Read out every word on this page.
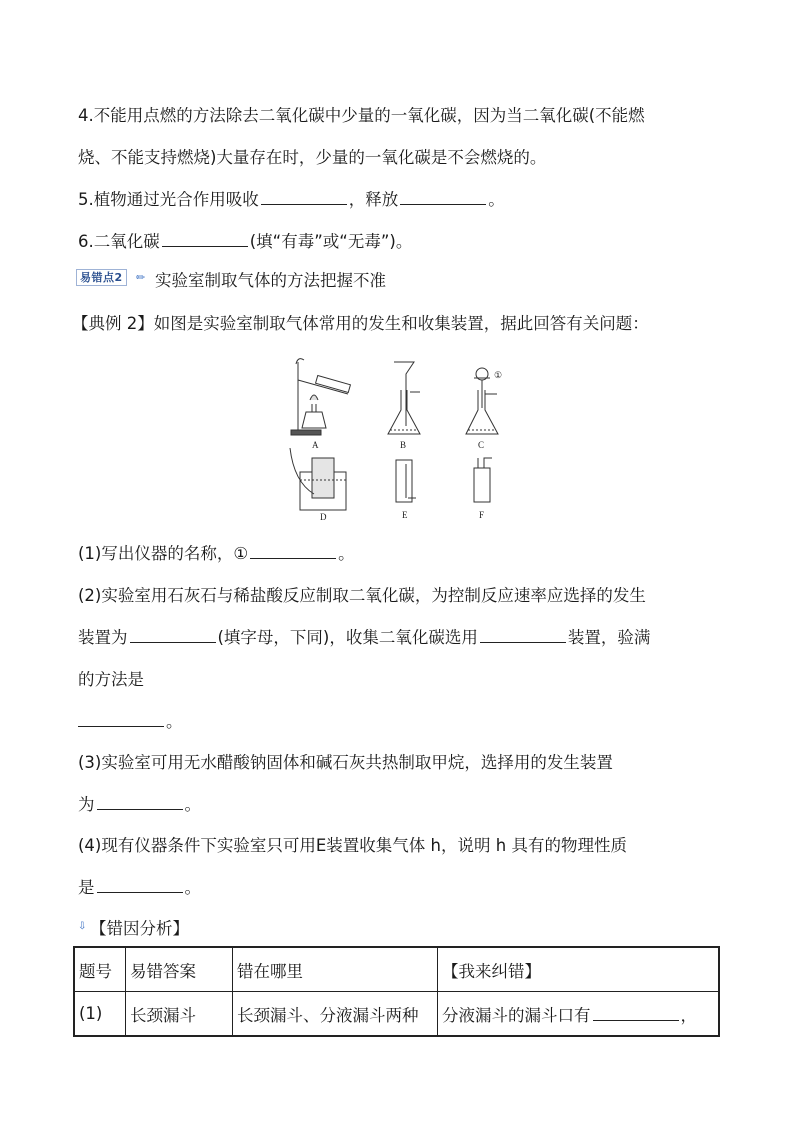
4.不能用点燃的方法除去二氧化碳中少量的一氧化碳，因为当二氧化碳(不能燃
烧、不能支持燃烧)大量存在时，少量的一氧化碳是不会燃烧的。
5.植物通过光合作用吸收	，释放	。
6.二氧化碳	(填“有毒”或“无毒”)。
易错点2	✏ 实验室制取气体的方法把握不准
【典例 2】如图是实验室制取气体常用的发生和收集装置，据此回答有关问题：
A	B	C
①
D	E	F
(1)写出仪器的名称，①	。
(2)实验室用石灰石与稀盐酸反应制取二氧化碳，为控制反应速率应选择的发生
装置为	(填字母，下同)，收集二氧化碳选用	装置，验满
的方法是
。
(3)实验室可用无水醋酸钠固体和碱石灰共热制取甲烷，选择用的发生装置
为	。
(4)现有仪器条件下实验室只可用E装置收集气体 h，说明 h 具有的物理性质
是	。
⇩ 【错因分析】
题号	易错答案	错在哪里	【我来纠错】
(1)	长颈漏斗	长颈漏斗、分液漏斗两种	分液漏斗的漏斗口有 ，
